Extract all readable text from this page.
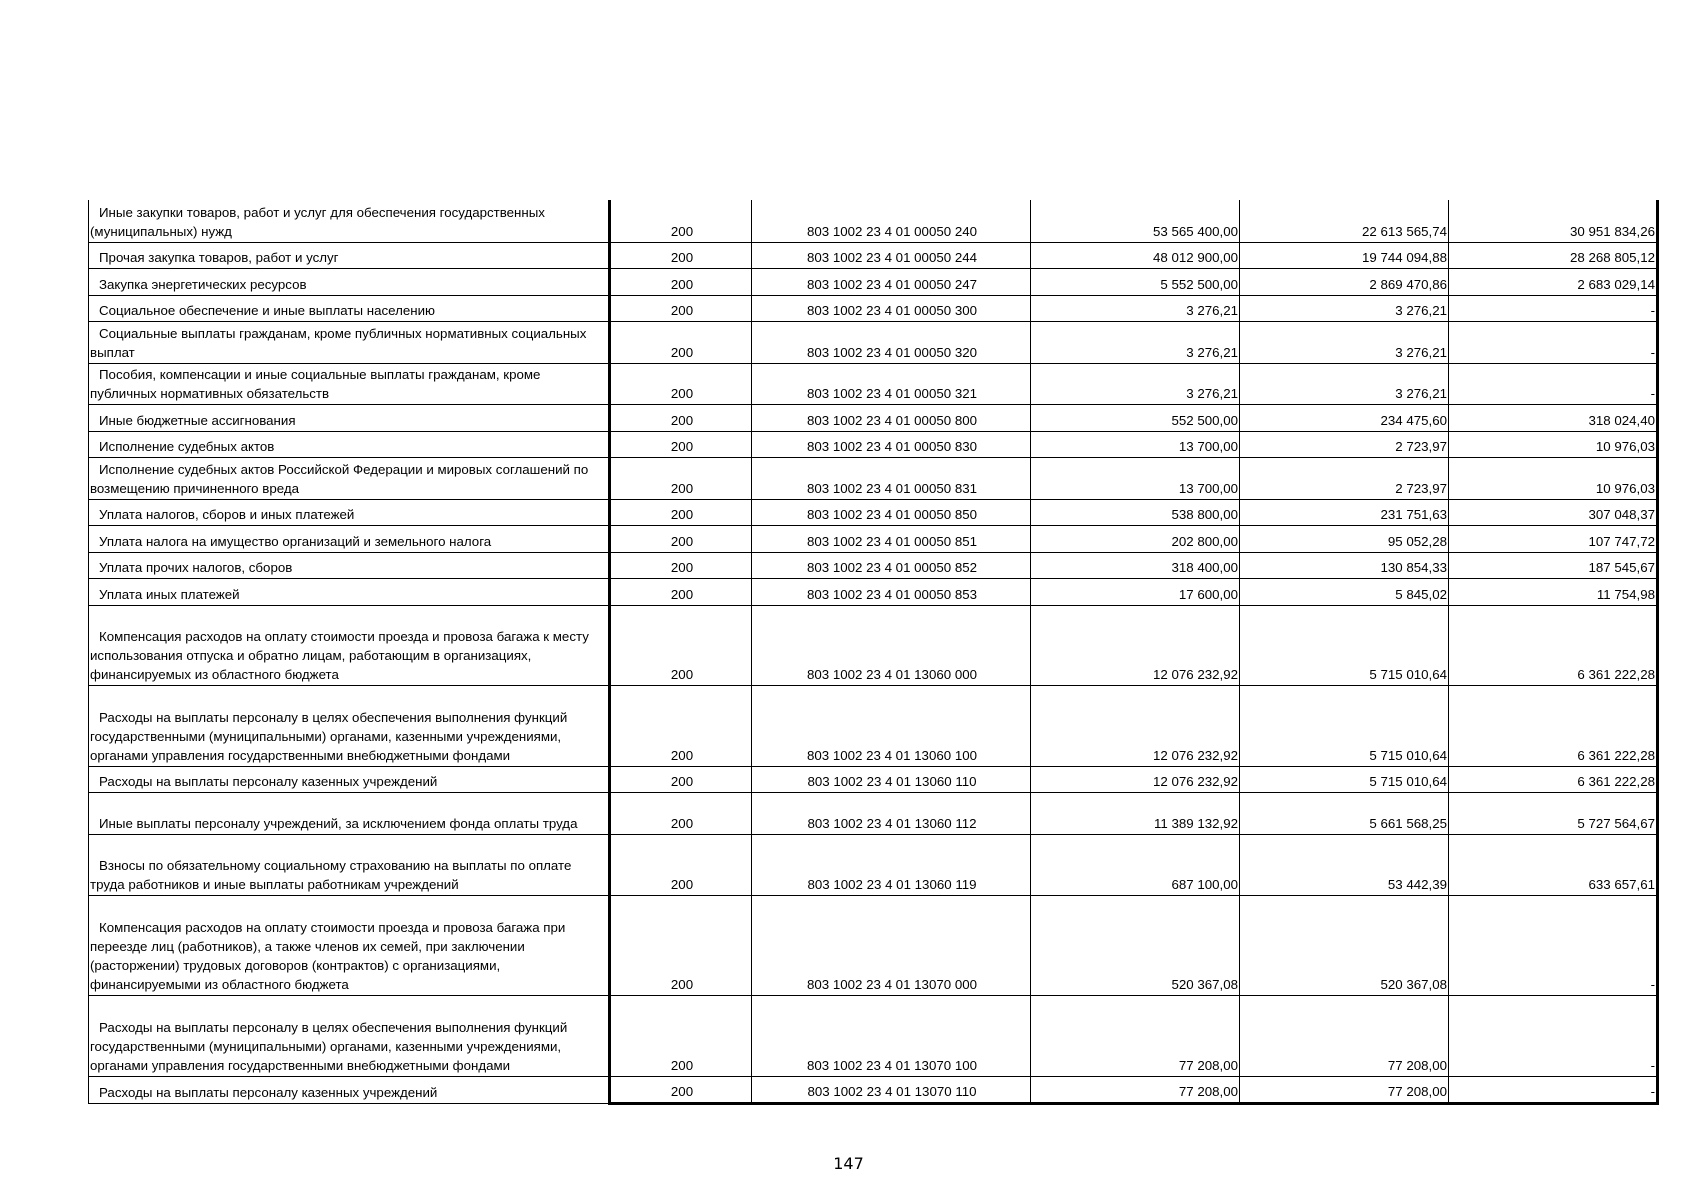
Иные закупки товаров, работ и услуг для обеспечения государственных (муниципальных) нужд	200	803 1002 23 4 01 00050 240	53 565 400,00	22 613 565,74	30 951 834,26
Прочая закупка товаров, работ и услуг	200	803 1002 23 4 01 00050 244	48 012 900,00	19 744 094,88	28 268 805,12
Закупка энергетических ресурсов	200	803 1002 23 4 01 00050 247	5 552 500,00	2 869 470,86	2 683 029,14
Социальное обеспечение и иные выплаты населению	200	803 1002 23 4 01 00050 300	3 276,21	3 276,21	-
Социальные выплаты гражданам, кроме публичных нормативных социальных выплат	200	803 1002 23 4 01 00050 320	3 276,21	3 276,21	-
Пособия, компенсации и иные социальные выплаты гражданам, кроме публичных нормативных обязательств	200	803 1002 23 4 01 00050 321	3 276,21	3 276,21	-
Иные бюджетные ассигнования	200	803 1002 23 4 01 00050 800	552 500,00	234 475,60	318 024,40
Исполнение судебных актов	200	803 1002 23 4 01 00050 830	13 700,00	2 723,97	10 976,03
Исполнение судебных актов Российской Федерации и мировых соглашений по возмещению причиненного вреда	200	803 1002 23 4 01 00050 831	13 700,00	2 723,97	10 976,03
Уплата налогов, сборов и иных платежей	200	803 1002 23 4 01 00050 850	538 800,00	231 751,63	307 048,37
Уплата налога на имущество организаций и земельного налога	200	803 1002 23 4 01 00050 851	202 800,00	95 052,28	107 747,72
Уплата прочих налогов, сборов	200	803 1002 23 4 01 00050 852	318 400,00	130 854,33	187 545,67
Уплата иных платежей	200	803 1002 23 4 01 00050 853	17 600,00	5 845,02	11 754,98
Компенсация расходов на оплату стоимости проезда и провоза багажа к месту использования отпуска и обратно лицам, работающим в организациях, финансируемых из областного бюджета	200	803 1002 23 4 01 13060 000	12 076 232,92	5 715 010,64	6 361 222,28
Расходы на выплаты персоналу в целях обеспечения выполнения функций государственными (муниципальными) органами, казенными учреждениями, органами управления государственными внебюджетными фондами	200	803 1002 23 4 01 13060 100	12 076 232,92	5 715 010,64	6 361 222,28
Расходы на выплаты персоналу казенных учреждений	200	803 1002 23 4 01 13060 110	12 076 232,92	5 715 010,64	6 361 222,28
Иные выплаты персоналу учреждений, за исключением фонда оплаты труда	200	803 1002 23 4 01 13060 112	11 389 132,92	5 661 568,25	5 727 564,67
Взносы по обязательному социальному страхованию на выплаты по оплате труда работников и иные выплаты работникам учреждений	200	803 1002 23 4 01 13060 119	687 100,00	53 442,39	633 657,61
Компенсация расходов на оплату стоимости проезда и провоза багажа при переезде лиц (работников), а также членов их семей, при заключении (расторжении) трудовых договоров (контрактов) с организациями, финансируемыми из областного бюджета	200	803 1002 23 4 01 13070 000	520 367,08	520 367,08	-
Расходы на выплаты персоналу в целях обеспечения выполнения функций государственными (муниципальными) органами, казенными учреждениями, органами управления государственными внебюджетными фондами	200	803 1002 23 4 01 13070 100	77 208,00	77 208,00	-
Расходы на выплаты персоналу казенных учреждений	200	803 1002 23 4 01 13070 110	77 208,00	77 208,00	-
147
